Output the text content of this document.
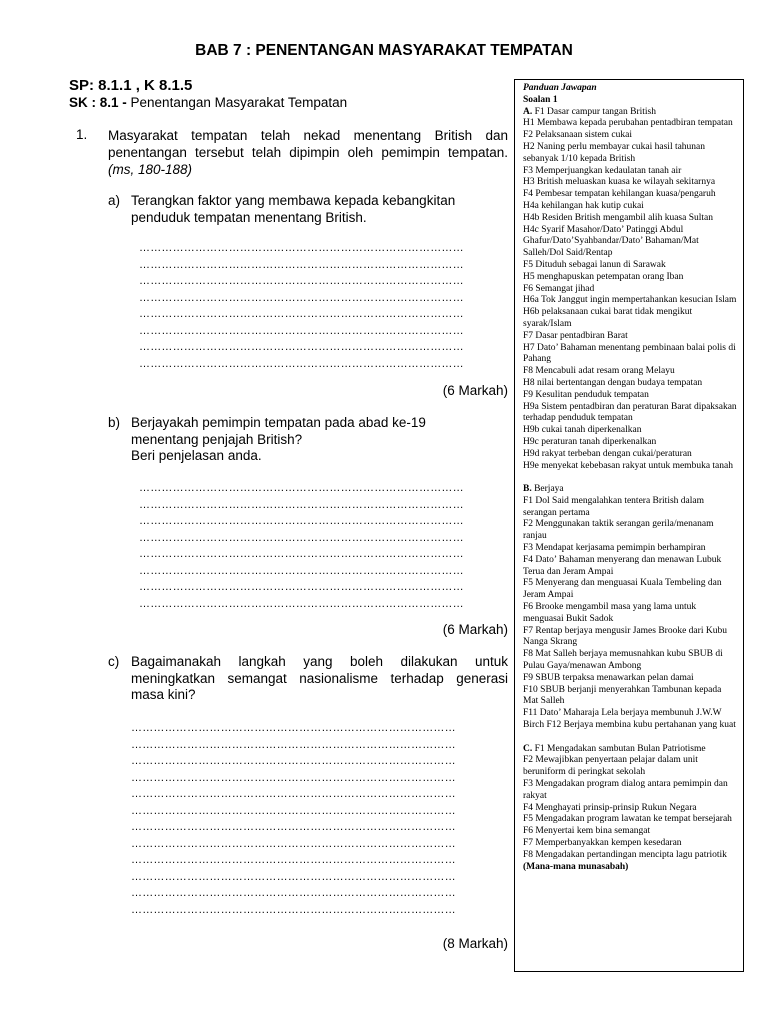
BAB 7 : PENENTANGAN MASYARAKAT TEMPATAN
SP: 8.1.1 , K 8.1.5
SK : 8.1 - Penentangan Masyarakat Tempatan
1. Masyarakat tempatan telah nekad menentang British dan penentangan tersebut telah dipimpin oleh pemimpin tempatan. (ms, 180-188)
a) Terangkan faktor yang membawa kepada kebangkitan penduduk tempatan menentang British.
……………………………………………………………………………
……………………………………………………………………………
……………………………………………………………………………
……………………………………………………………………………
……………………………………………………………………………
……………………………………………………………………………
……………………………………………………………………………
……………………………………………………………………………
(6 Markah)
b) Berjayakah pemimpin tempatan pada abad ke-19 menentang penjajah British?
Beri penjelasan anda.
……………………………………………………………………………
……………………………………………………………………………
……………………………………………………………………………
……………………………………………………………………………
……………………………………………………………………………
……………………………………………………………………………
……………………………………………………………………………
……………………………………………………………………………
(6 Markah)
c) Bagaimanakah langkah yang boleh dilakukan untuk meningkatkan semangat nasionalisme terhadap generasi masa kini?
……………………………………………………………………………
……………………………………………………………………………
……………………………………………………………………………
……………………………………………………………………………
……………………………………………………………………………
……………………………………………………………………………
……………………………………………………………………………
……………………………………………………………………………
……………………………………………………………………………
……………………………………………………………………………
……………………………………………………………………………
……………………………………………………………………………
(8 Markah)
Panduan Jawapan
Soalan 1
A. F1 Dasar campur tangan British
H1 Membawa kepada perubahan pentadbiran tempatan
F2 Pelaksanaan sistem cukai
H2 Naning perlu membayar cukai hasil tahunan sebanyak 1/10 kepada British
F3 Memperjuangkan kedaulatan tanah air
H3 British meluaskan kuasa ke wilayah sekitarnya
F4 Pembesar tempatan kehilangan kuasa/pengaruh
H4a kehilangan hak kutip cukai
H4b Residen British mengambil alih kuasa Sultan
H4c Syarif Masahor/Dato’ Patinggi Abdul Ghafur/Dato’Syahbandar/Dato’ Bahaman/Mat Salleh/Dol Said/Rentap
F5 Dituduh sebagai lanun di Sarawak
H5 menghapuskan petempatan orang Iban
F6 Semangat jihad
H6a Tok Janggut ingin mempertahankan kesucian Islam
H6b pelaksanaan cukai barat tidak mengikut syarak/Islam
F7 Dasar pentadbiran Barat
H7 Dato’ Bahaman menentang pembinaan balai polis di Pahang
F8 Mencabuli adat resam orang Melayu
H8 nilai bertentangan dengan budaya tempatan
F9 Kesulitan penduduk tempatan
H9a Sistem pentadbiran dan peraturan Barat dipaksakan terhadap penduduk tempatan
H9b cukai tanah diperkenalkan
H9c peraturan tanah diperkenalkan
H9d rakyat terbeban dengan cukai/peraturan
H9e menyekat kebebasan rakyat untuk membuka tanah
B. Berjaya
F1 Dol Said mengalahkan tentera British dalam serangan pertama
F2 Menggunakan taktik serangan gerila/menanam ranjau
F3 Mendapat kerjasama pemimpin berhampiran
F4 Dato’ Bahaman menyerang dan menawan Lubuk Terua dan Jeram Ampai
F5 Menyerang dan menguasai Kuala Tembeling dan Jeram Ampai
F6 Brooke mengambil masa yang lama untuk menguasai Bukit Sadok
F7 Rentap berjaya mengusir James Brooke dari Kubu Nanga Skrang
F8 Mat Salleh berjaya memusnahkan kubu SBUB di Pulau Gaya/menawan Ambong
F9 SBUB terpaksa menawarkan pelan damai
F10 SBUB berjanji menyerahkan Tambunan kepada Mat Salleh
F11 Dato’ Maharaja Lela berjaya membunuh J.W.W Birch F12 Berjaya membina kubu pertahanan yang kuat
C. F1 Mengadakan sambutan Bulan Patriotisme
F2 Mewajibkan penyertaan pelajar dalam unit beruniform di peringkat sekolah
F3 Mengadakan program dialog antara pemimpin dan rakyat
F4 Menghayati prinsip-prinsip Rukun Negara
F5 Mengadakan program lawatan ke tempat bersejarah
F6 Menyertai kem bina semangat
F7 Memperbanyakkan kempen kesedaran
F8 Mengadakan pertandingan mencipta lagu patriotik
(Mana-mana munasabah)
